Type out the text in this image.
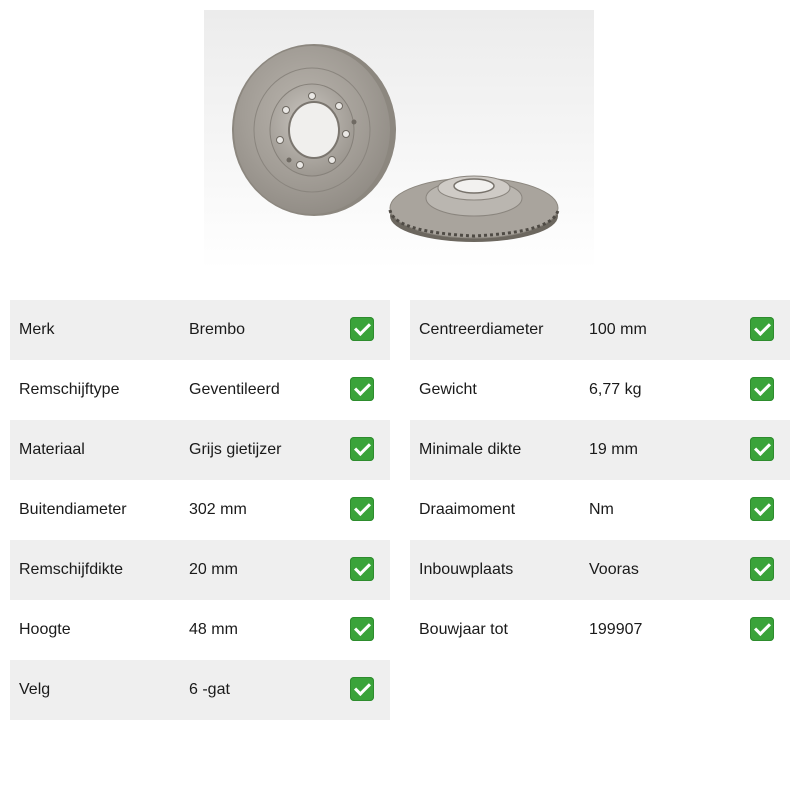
Merk	Brembo
Remschijftype	Geventileerd
Materiaal	Grijs gietijzer
Buitendiameter	302 mm
Remschijfdikte	20 mm
Hoogte	48 mm
Velg	6 -gat
Centreerdiameter	100 mm
Gewicht	6,77 kg
Minimale dikte	19 mm
Draaimoment	Nm
Inbouwplaats	Vooras
Bouwjaar tot	199907
